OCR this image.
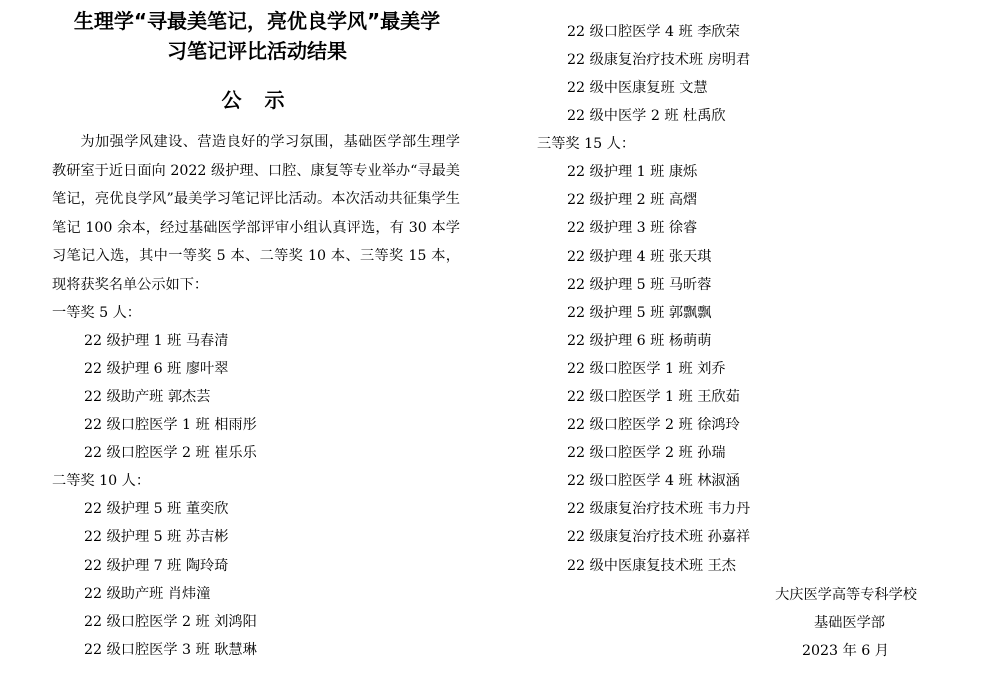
生理学“寻最美笔记，亮优良学风”最美学
习笔记评比活动结果
公 示

为加强学风建设、营造良好的学习氛围，基础医学部生理学教研室于近日面向 2022 级护理、口腔、康复等专业举办“寻最美笔记，亮优良学风”最美学习笔记评比活动。本次活动共征集学生笔记 100 余本，经过基础医学部评审小组认真评选，有 30 本学习笔记入选，其中一等奖 5 本、二等奖 10 本、三等奖 15 本，现将获奖名单公示如下：

一等奖 5 人：
22 级护理 1 班 马春清
22 级护理 6 班 廖叶翠
22 级助产班 郭杰芸
22 级口腔医学 1 班 相雨彤
22 级口腔医学 2 班 崔乐乐
二等奖 10 人：
22 级护理 5 班 董奕欣
22 级护理 5 班 苏吉彬
22 级护理 7 班 陶玲琦
22 级助产班 肖炜潼
22 级口腔医学 2 班 刘鸿阳
22 级口腔医学 3 班 耿慧琳
22 级口腔医学 4 班 李欣荣
22 级康复治疗技术班 房明君
22 级中医康复班 文慧
22 级中医学 2 班 杜禹欣
三等奖 15 人：
22 级护理 1 班 康烁
22 级护理 2 班 高熠
22 级护理 3 班 徐睿
22 级护理 4 班 张天琪
22 级护理 5 班 马昕蓉
22 级护理 5 班 郭飘飘
22 级护理 6 班 杨萌萌
22 级口腔医学 1 班 刘乔
22 级口腔医学 1 班 王欣茹
22 级口腔医学 2 班 徐鸿玲
22 级口腔医学 2 班 孙瑞
22 级口腔医学 4 班 林淑涵
22 级康复治疗技术班 韦力丹
22 级康复治疗技术班 孙嘉祥
22 级中医康复技术班 王杰
大庆医学高等专科学校
基础医学部
2023 年 6 月
